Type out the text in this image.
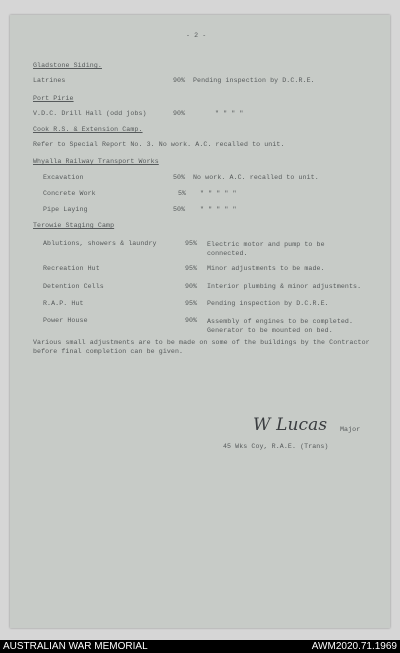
- 2 -
Gladstone Siding.
Latrines	90% Pending inspection by D.C.R.E.
Port Pirie
V.D.C. Drill Hall (odd jobs)	90%	" " " "
Cook R.S. & Extension Camp.
Refer to Special Report No. 3. No work. A.C. recalled to unit.
Whyalla Railway Transport Works
Excavation	50% No work. A.C. recalled to unit.
Concrete Work	5% " " " " "
Pipe Laying	50% " " " " "
Terowie Staging Camp
Ablutions, showers & laundry	95% Electric motor and pump to be connected.
Recreation Hut	95% Minor adjustments to be made.
Detention Cells	90% Interior plumbing & minor adjustments.
R.A.P. Hut	95% Pending inspection by D.C.R.E.
Power House	90% Assembly of engines to be completed. Generator to be mounted on bed.
Various small adjustments are to be made on some of the buildings by the Contractor before final completion can be given.
W Lucas Major
45 Wks Coy, R.A.E. (Trans)
AUSTRALIAN WAR MEMORIAL	AWM2020.71.1969
